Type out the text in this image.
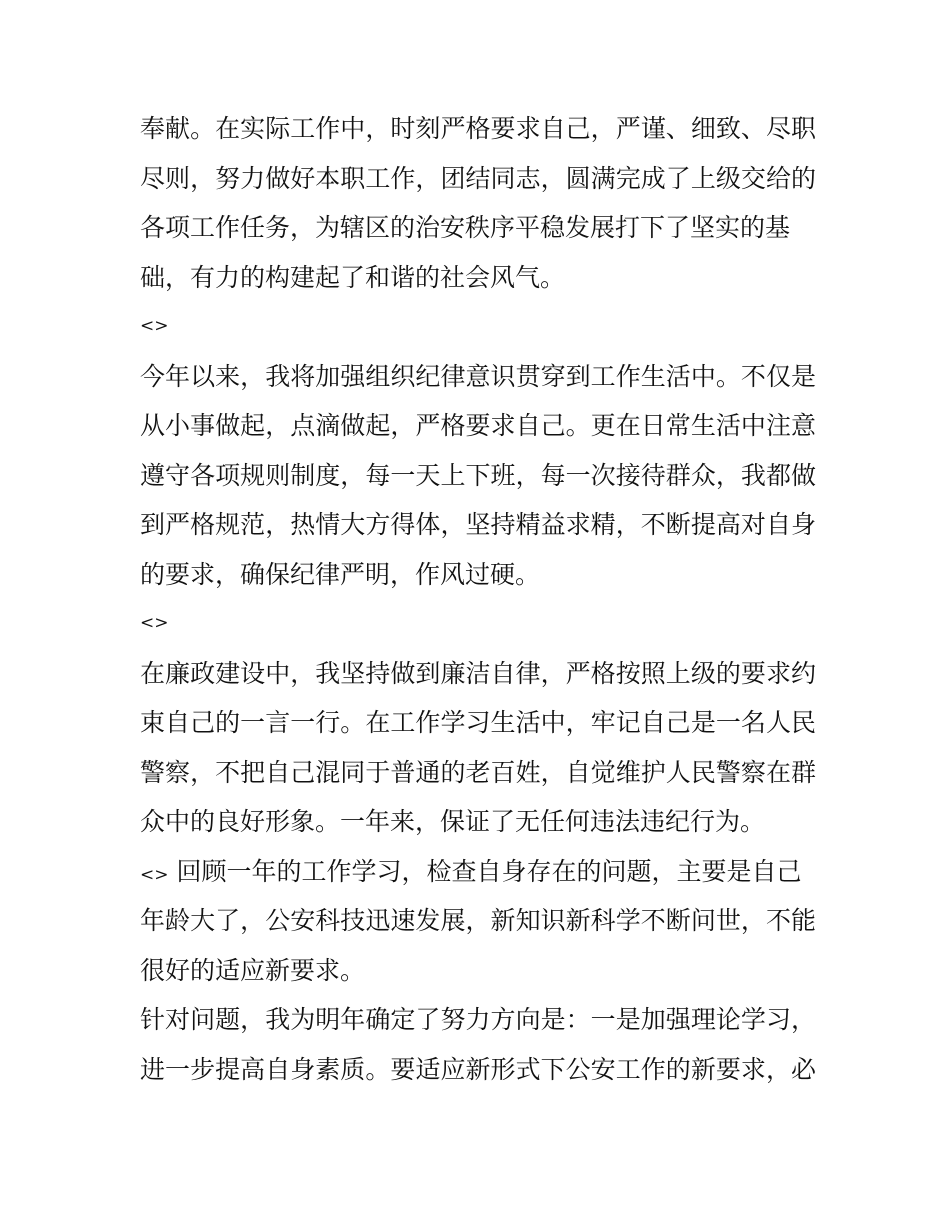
奉献。在实际工作中，时刻严格要求自己，严谨、细致、尽职
尽则，努力做好本职工作，团结同志，圆满完成了上级交给的
各项工作任务，为辖区的治安秩序平稳发展打下了坚实的基
础，有力的构建起了和谐的社会风气。
<>
今年以来，我将加强组织纪律意识贯穿到工作生活中。不仅是
从小事做起，点滴做起，严格要求自己。更在日常生活中注意
遵守各项规则制度，每一天上下班，每一次接待群众，我都做
到严格规范，热情大方得体，坚持精益求精，不断提高对自身
的要求，确保纪律严明，作风过硬。
<>
在廉政建设中，我坚持做到廉洁自律，严格按照上级的要求约
束自己的一言一行。在工作学习生活中，牢记自己是一名人民
警察，不把自己混同于普通的老百姓，自觉维护人民警察在群
众中的良好形象。一年来，保证了无任何违法违纪行为。
<> 回顾一年的工作学习，检查自身存在的问题，主要是自己
年龄大了，公安科技迅速发展，新知识新科学不断问世，不能
很好的适应新要求。
针对问题，我为明年确定了努力方向是：一是加强理论学习，
进一步提高自身素质。要适应新形式下公安工作的新要求，必
